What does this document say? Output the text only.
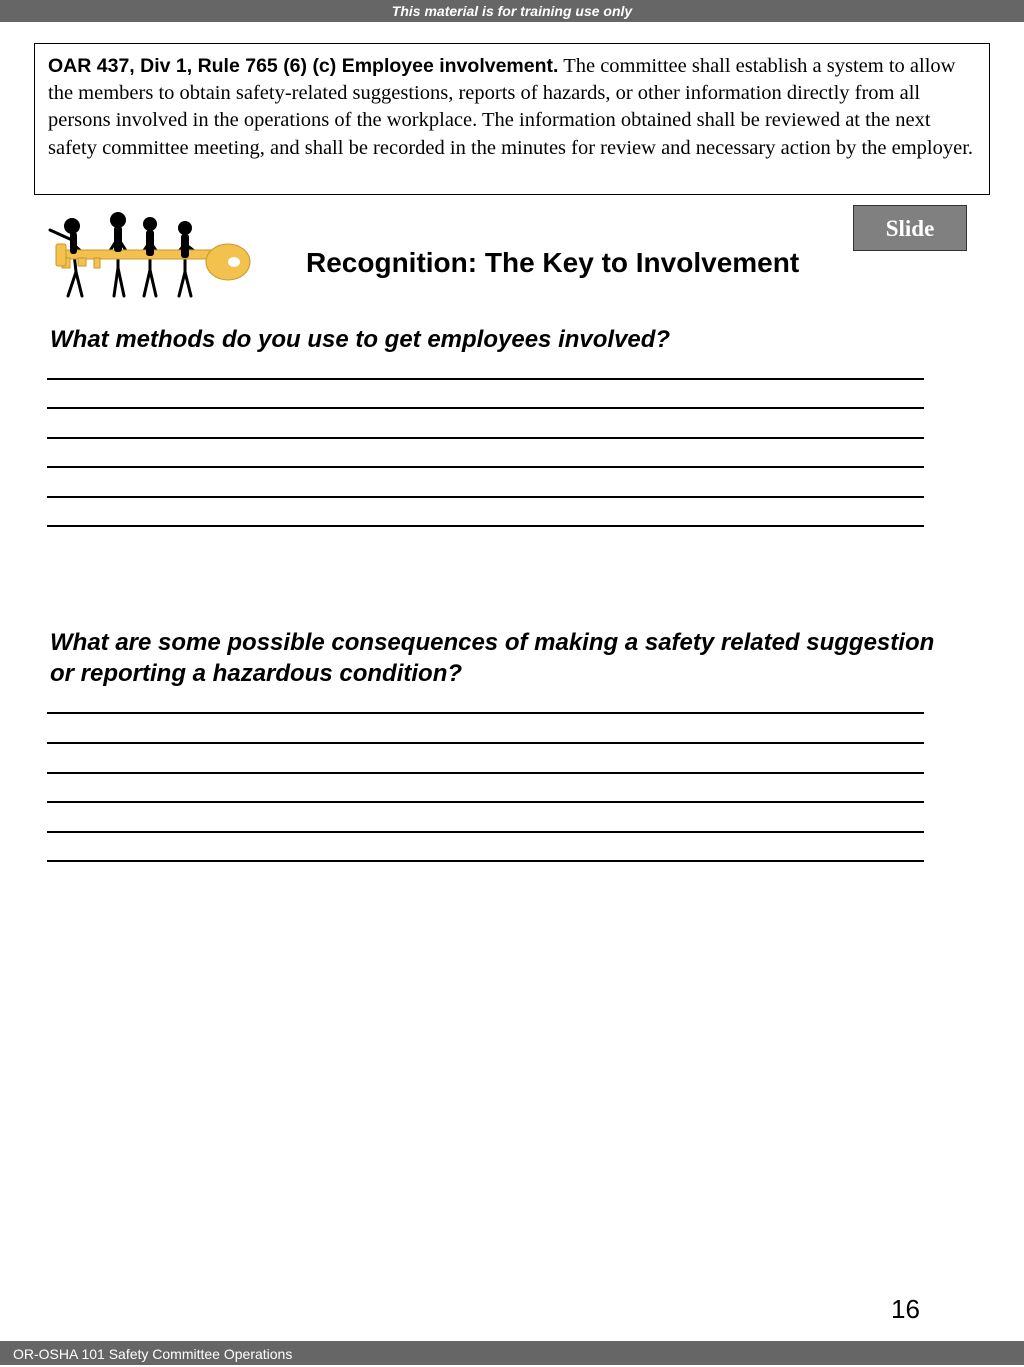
This material is for training use only
OAR 437, Div 1, Rule 765 (6) (c) Employee involvement. The committee shall establish a system to allow the members to obtain safety-related suggestions, reports of hazards, or other information directly from all persons involved in the operations of the workplace. The information obtained shall be reviewed at the next safety committee meeting, and shall be recorded in the minutes for review and necessary action by the employer.
Slide
Recognition: The Key to Involvement
What methods do you use to get employees involved?
What are some possible consequences of making a safety related suggestion or reporting a hazardous condition?
16
OR-OSHA 101 Safety Committee Operations
